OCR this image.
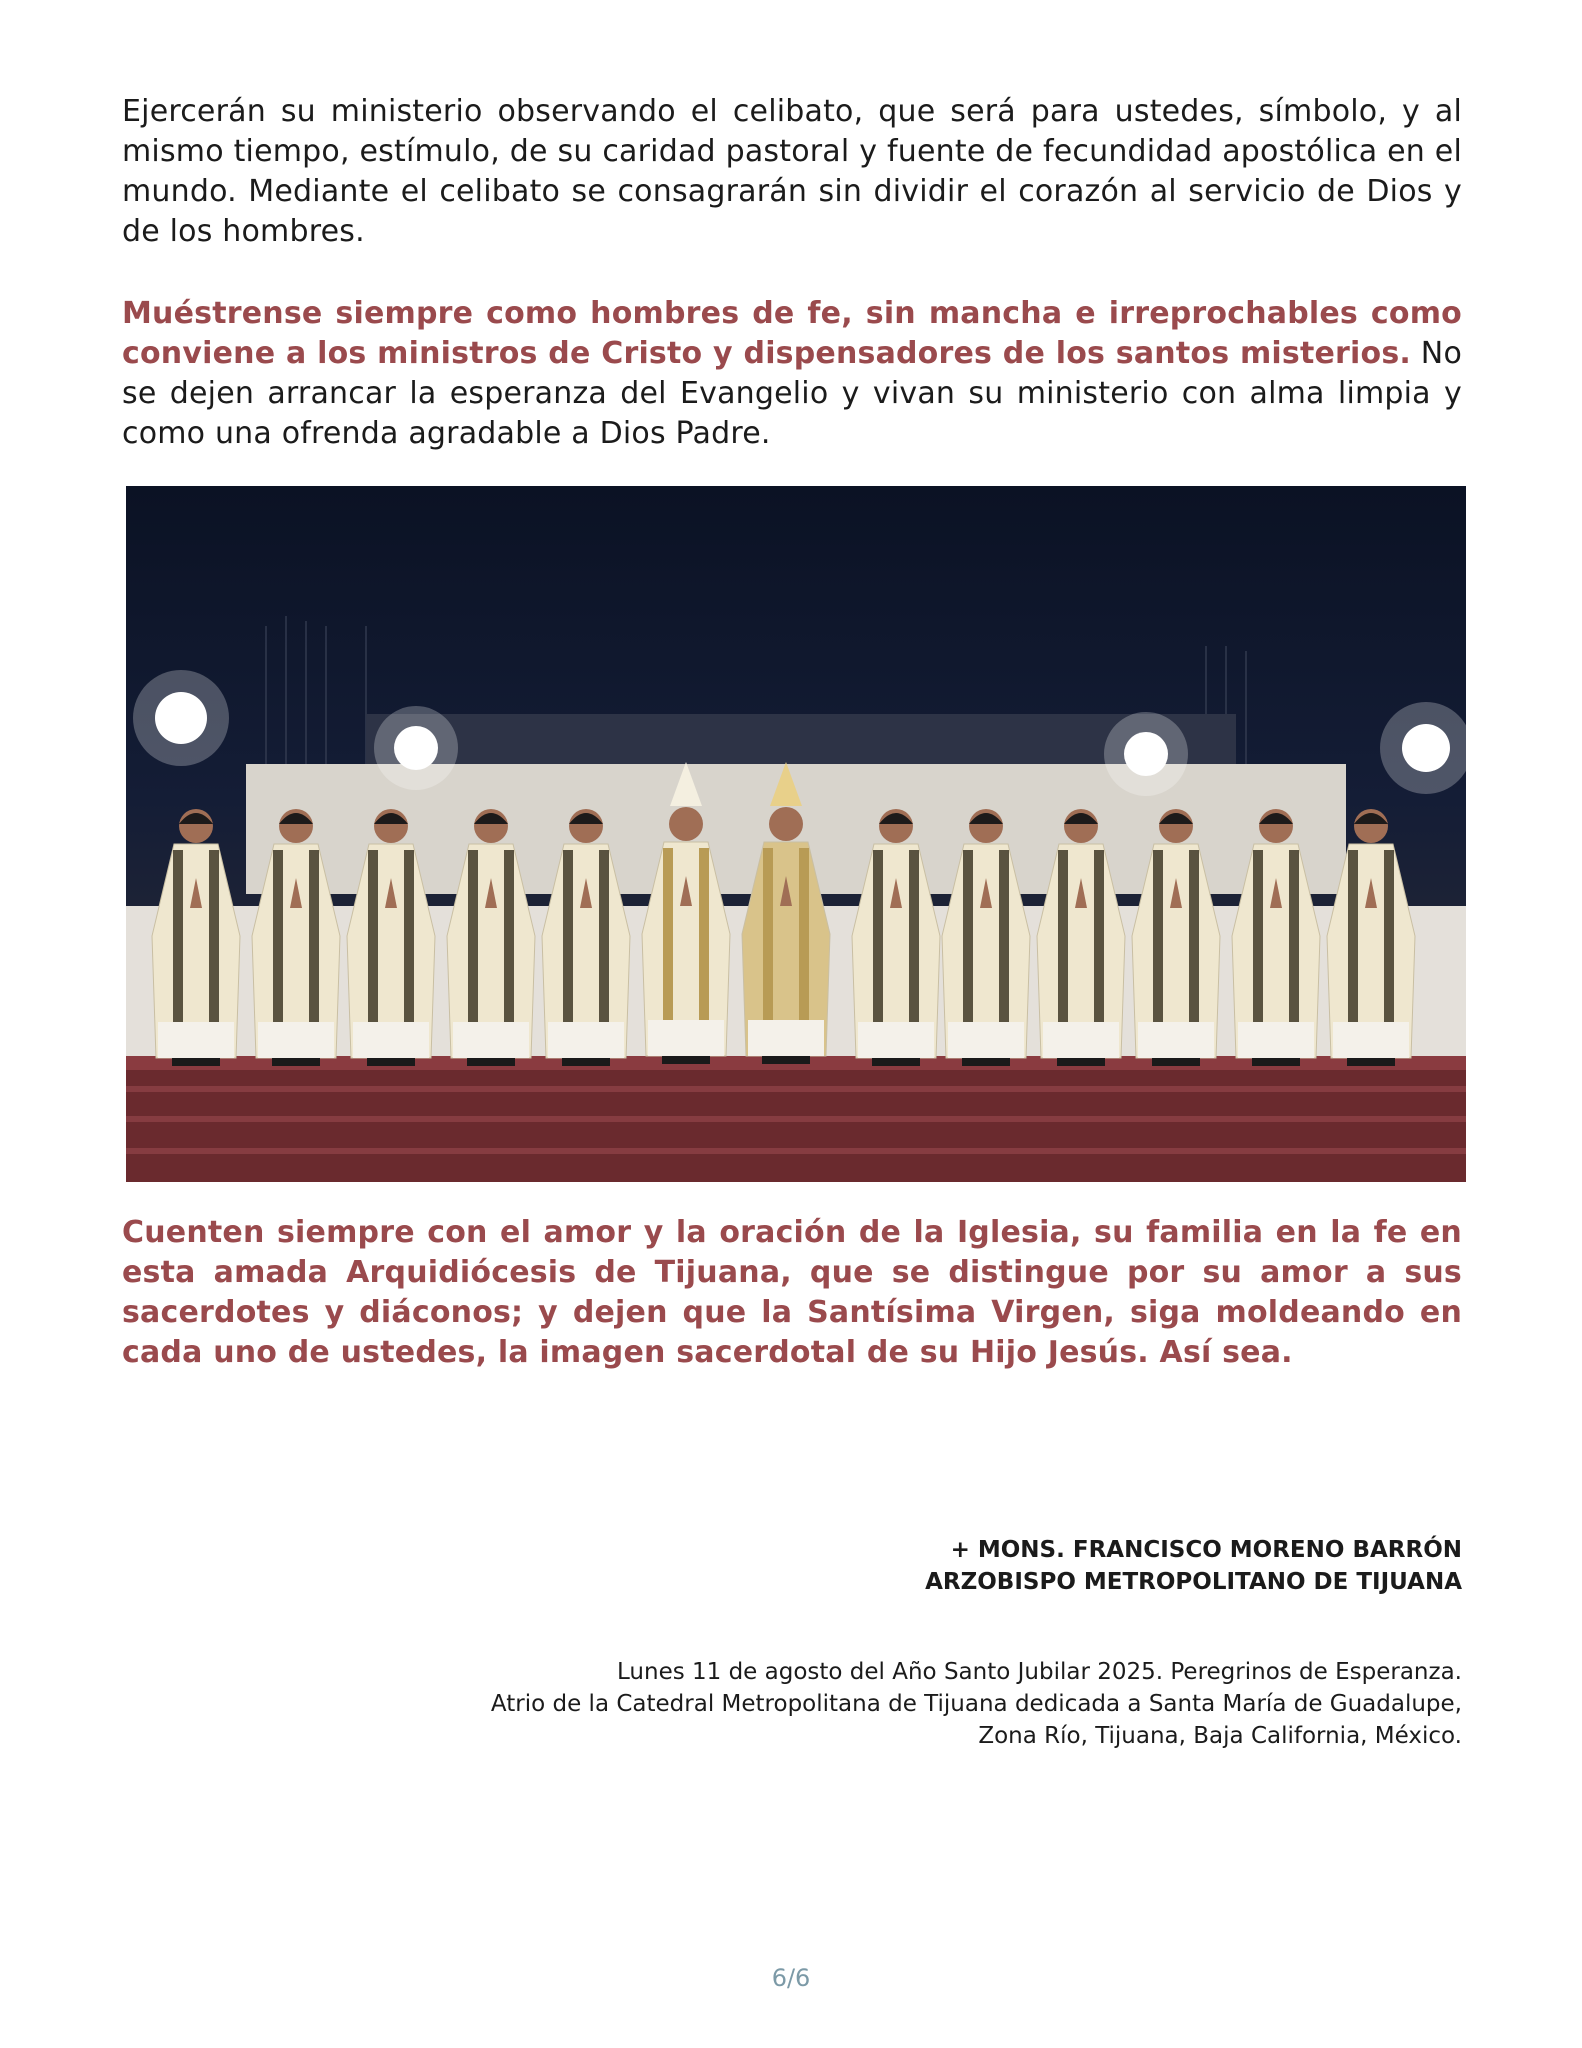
Ejercerán su ministerio observando el celibato, que será para ustedes, símbolo, y al mismo tiempo, estímulo, de su caridad pastoral y fuente de fecundidad apostólica en el mundo. Mediante el celibato se consagrarán sin dividir el corazón al servicio de Dios y de los hombres.

Muéstrense siempre como hombres de fe, sin mancha e irreprochables como conviene a los ministros de Cristo y dispensadores de los santos misterios. No se dejen arrancar la esperanza del Evangelio y vivan su ministerio con alma limpia y como una ofrenda agradable a Dios Padre.

Cuenten siempre con el amor y la oración de la Iglesia, su familia en la fe en esta amada Arquidiócesis de Tijuana, que se distingue por su amor a sus sacerdotes y diáconos; y dejen que la Santísima Virgen, siga moldeando en cada uno de ustedes, la imagen sacerdotal de su Hijo Jesús. Así sea.

+ MONS. FRANCISCO MORENO BARRÓN
ARZOBISPO METROPOLITANO DE TIJUANA
Lunes 11 de agosto del Año Santo Jubilar 2025. Peregrinos de Esperanza.
Atrio de la Catedral Metropolitana de Tijuana dedicada a Santa María de Guadalupe,
Zona Río, Tijuana, Baja California, México.
6/6
